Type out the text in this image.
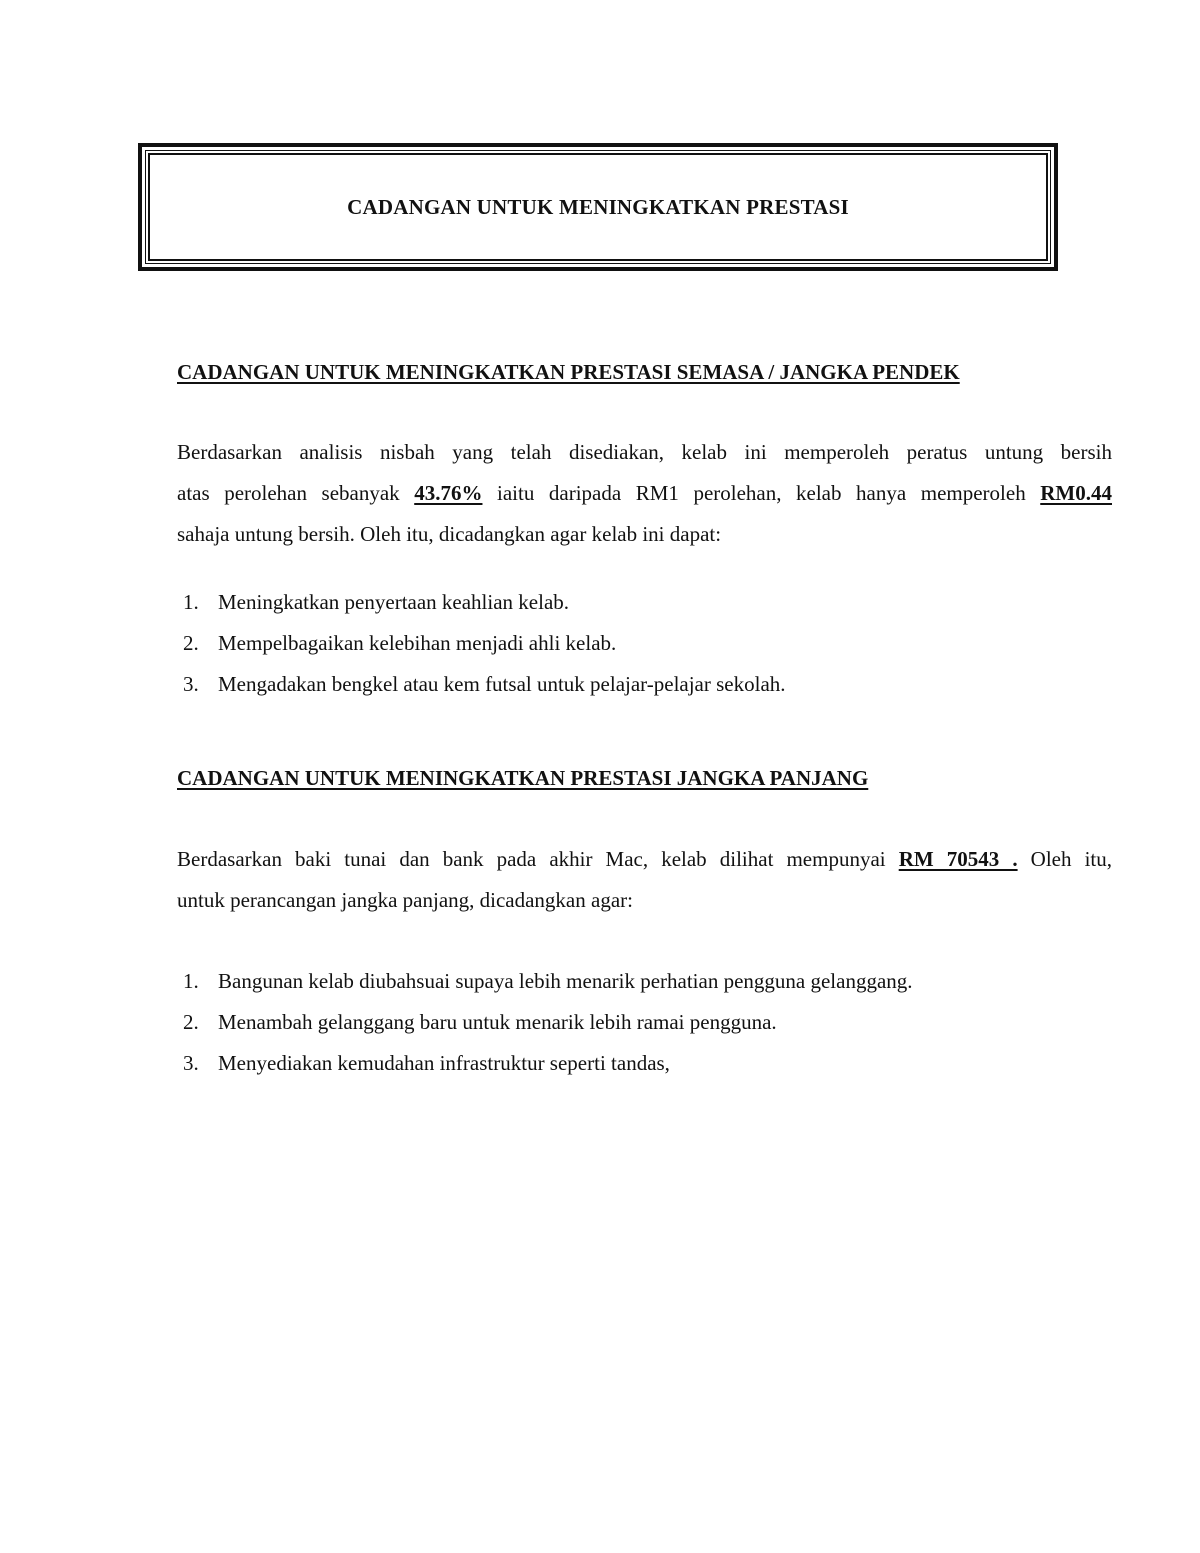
CADANGAN UNTUK MENINGKATKAN PRESTASI
CADANGAN UNTUK MENINGKATKAN PRESTASI SEMASA / JANGKA PENDEK
Berdasarkan analisis nisbah yang telah disediakan, kelab ini memperoleh peratus untung bersih
atas perolehan sebanyak 43.76% iaitu daripada RM1 perolehan, kelab hanya memperoleh RM0.44
sahaja untung bersih. Oleh itu, dicadangkan agar kelab ini dapat:
1. Meningkatkan penyertaan keahlian kelab.
2. Mempelbagaikan kelebihan menjadi ahli kelab.
3. Mengadakan bengkel atau kem futsal untuk pelajar-pelajar sekolah.
CADANGAN UNTUK MENINGKATKAN PRESTASI JANGKA PANJANG
Berdasarkan baki tunai dan bank pada akhir Mac, kelab dilihat mempunyai RM 70543 . Oleh itu,
untuk perancangan jangka panjang, dicadangkan agar:
1. Bangunan kelab diubahsuai supaya lebih menarik perhatian pengguna gelanggang.
2. Menambah gelanggang baru untuk menarik lebih ramai pengguna.
3. Menyediakan kemudahan infrastruktur seperti tandas,
